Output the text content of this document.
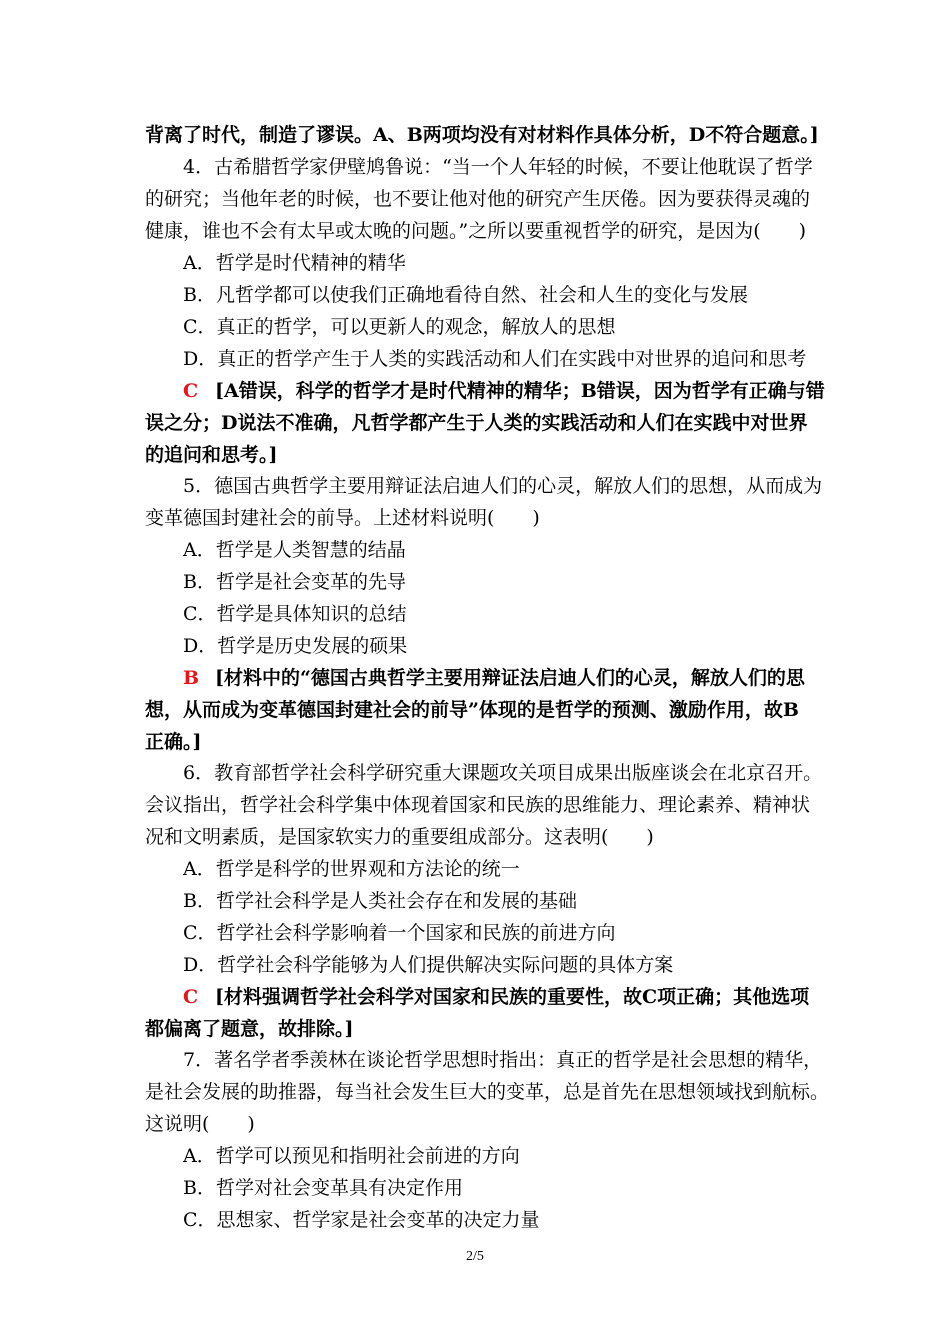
背离了时代，制造了谬误。A、B两项均没有对材料作具体分析，D不符合题意。]
4．古希腊哲学家伊壁鸠鲁说：“当一个人年轻的时候，不要让他耽误了哲学
的研究；当他年老的时候，也不要让他对他的研究产生厌倦。因为要获得灵魂的
健康，谁也不会有太早或太晚的问题。”之所以要重视哲学的研究，是因为(　　)
A．哲学是时代精神的精华
B．凡哲学都可以使我们正确地看待自然、社会和人生的变化与发展
C．真正的哲学，可以更新人的观念，解放人的思想
D．真正的哲学产生于人类的实践活动和人们在实践中对世界的追问和思考
C [A错误，科学的哲学才是时代精神的精华；B错误，因为哲学有正确与错
误之分；D说法不准确，凡哲学都产生于人类的实践活动和人们在实践中对世界
的追问和思考。]
5．德国古典哲学主要用辩证法启迪人们的心灵，解放人们的思想，从而成为
变革德国封建社会的前导。上述材料说明(　　)
A．哲学是人类智慧的结晶
B．哲学是社会变革的先导
C．哲学是具体知识的总结
D．哲学是历史发展的硕果
B [材料中的“德国古典哲学主要用辩证法启迪人们的心灵，解放人们的思
想，从而成为变革德国封建社会的前导”体现的是哲学的预测、激励作用，故B
正确。]
6．教育部哲学社会科学研究重大课题攻关项目成果出版座谈会在北京召开。
会议指出，哲学社会科学集中体现着国家和民族的思维能力、理论素养、精神状
况和文明素质，是国家软实力的重要组成部分。这表明(　　)
A．哲学是科学的世界观和方法论的统一
B．哲学社会科学是人类社会存在和发展的基础
C．哲学社会科学影响着一个国家和民族的前进方向
D．哲学社会科学能够为人们提供解决实际问题的具体方案
C [材料强调哲学社会科学对国家和民族的重要性，故C项正确；其他选项
都偏离了题意，故排除。]
7．著名学者季羡林在谈论哲学思想时指出：真正的哲学是社会思想的精华，
是社会发展的助推器，每当社会发生巨大的变革，总是首先在思想领域找到航标。
这说明(　　)
A．哲学可以预见和指明社会前进的方向
B．哲学对社会变革具有决定作用
C．思想家、哲学家是社会变革的决定力量
2/5
